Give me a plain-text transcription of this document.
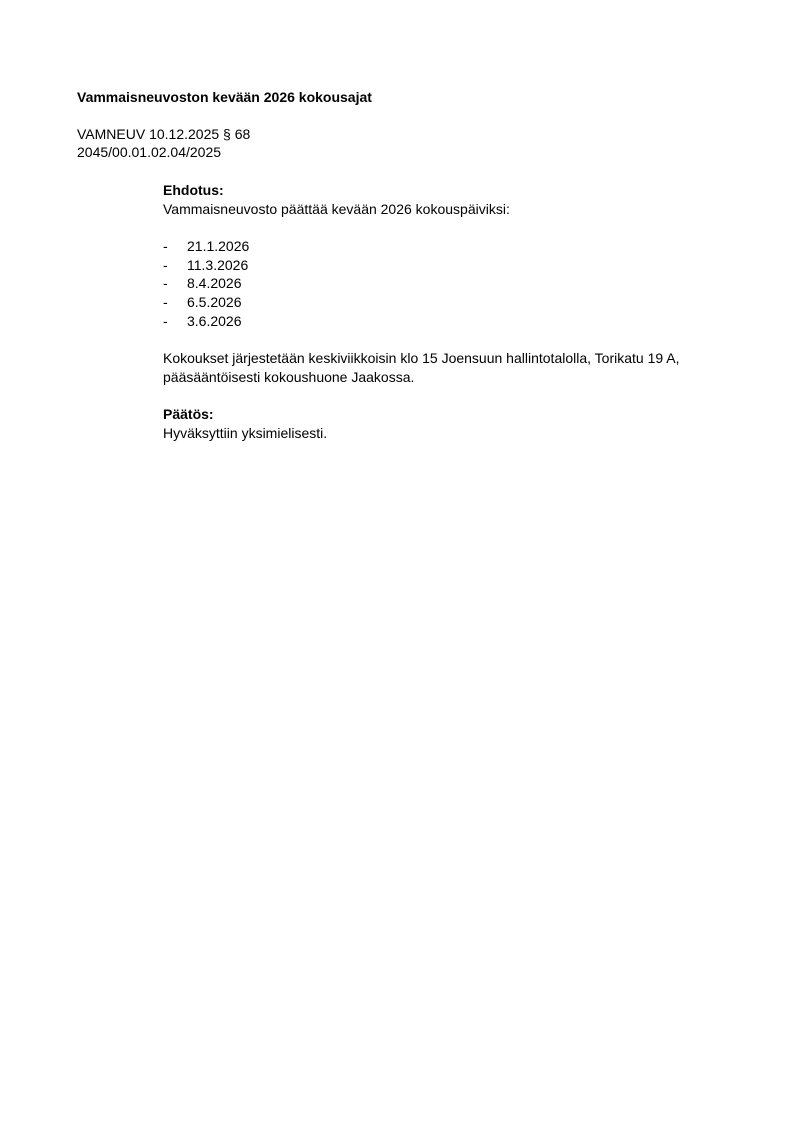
Vammaisneuvoston kevään 2026 kokousajat
VAMNEUV 10.12.2025 § 68
2045/00.01.02.04/2025
Ehdotus:
Vammaisneuvosto päättää kevään 2026 kokouspäiviksi:
-	21.1.2026
-	11.3.2026
-	8.4.2026
-	6.5.2026
-	3.6.2026
Kokoukset järjestetään keskiviikkoisin klo 15 Joensuun hallintotalolla, Torikatu 19 A,
pääsääntöisesti kokoushuone Jaakossa.
Päätös:
Hyväksyttiin yksimielisesti.
